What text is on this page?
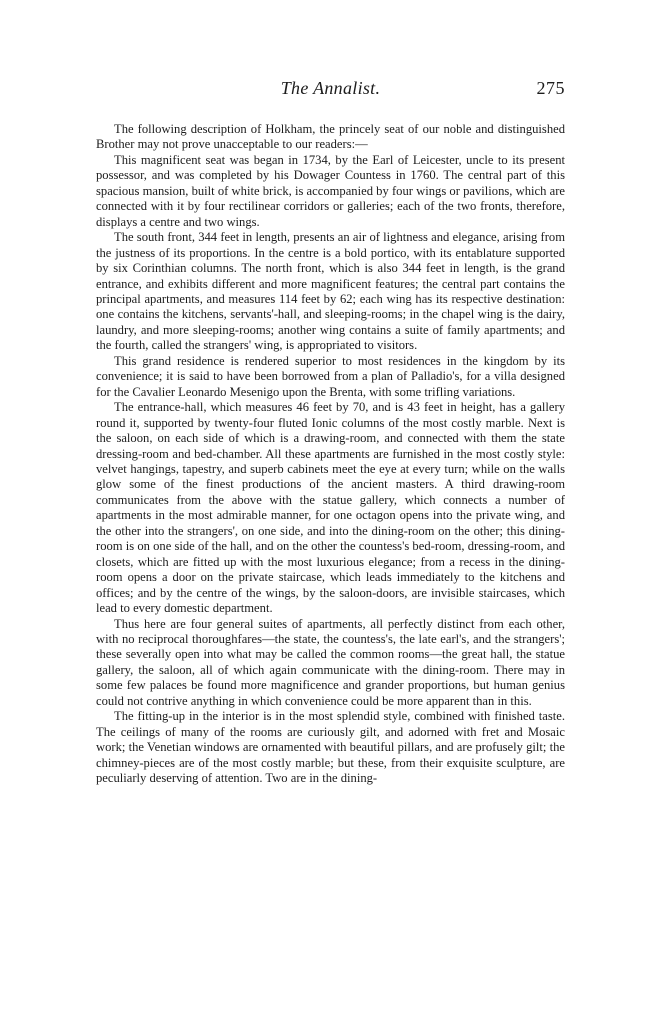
The Annalist.	275

The following description of Holkham, the princely seat of our noble and distinguished Brother may not prove unacceptable to our readers:—

This magnificent seat was began in 1734, by the Earl of Leicester, uncle to its present possessor, and was completed by his Dowager Countess in 1760. The central part of this spacious mansion, built of white brick, is accompanied by four wings or pavilions, which are connected with it by four rectilinear corridors or galleries; each of the two fronts, therefore, displays a centre and two wings.

The south front, 344 feet in length, presents an air of lightness and elegance, arising from the justness of its proportions. In the centre is a bold portico, with its entablature supported by six Corinthian columns. The north front, which is also 344 feet in length, is the grand entrance, and exhibits different and more magnificent features; the central part contains the principal apartments, and measures 114 feet by 62; each wing has its respective destination: one contains the kitchens, servants'-hall, and sleeping-rooms; in the chapel wing is the dairy, laundry, and more sleeping-rooms; another wing contains a suite of family apartments; and the fourth, called the strangers' wing, is appropriated to visitors.

This grand residence is rendered superior to most residences in the kingdom by its convenience; it is said to have been borrowed from a plan of Palladio's, for a villa designed for the Cavalier Leonardo Mesenigo upon the Brenta, with some trifling variations.

The entrance-hall, which measures 46 feet by 70, and is 43 feet in height, has a gallery round it, supported by twenty-four fluted Ionic columns of the most costly marble. Next is the saloon, on each side of which is a drawing-room, and connected with them the state dressing-room and bed-chamber. All these apartments are furnished in the most costly style: velvet hangings, tapestry, and superb cabinets meet the eye at every turn; while on the walls glow some of the finest productions of the ancient masters. A third drawing-room communicates from the above with the statue gallery, which connects a number of apartments in the most admirable manner, for one octagon opens into the private wing, and the other into the strangers', on one side, and into the dining-room on the other; this dining-room is on one side of the hall, and on the other the countess's bed-room, dressing-room, and closets, which are fitted up with the most luxurious elegance; from a recess in the dining-room opens a door on the private staircase, which leads immediately to the kitchens and offices; and by the centre of the wings, by the saloon-doors, are invisible staircases, which lead to every domestic department.

Thus here are four general suites of apartments, all perfectly distinct from each other, with no reciprocal thoroughfares—the state, the countess's, the late earl's, and the strangers'; these severally open into what may be called the common rooms—the great hall, the statue gallery, the saloon, all of which again communicate with the dining-room. There may in some few palaces be found more magnificence and grander proportions, but human genius could not contrive anything in which convenience could be more apparent than in this.

The fitting-up in the interior is in the most splendid style, combined with finished taste. The ceilings of many of the rooms are curiously gilt, and adorned with fret and Mosaic work; the Venetian windows are ornamented with beautiful pillars, and are profusely gilt; the chimney-pieces are of the most costly marble; but these, from their exquisite sculpture, are peculiarly deserving of attention. Two are in the dining-
